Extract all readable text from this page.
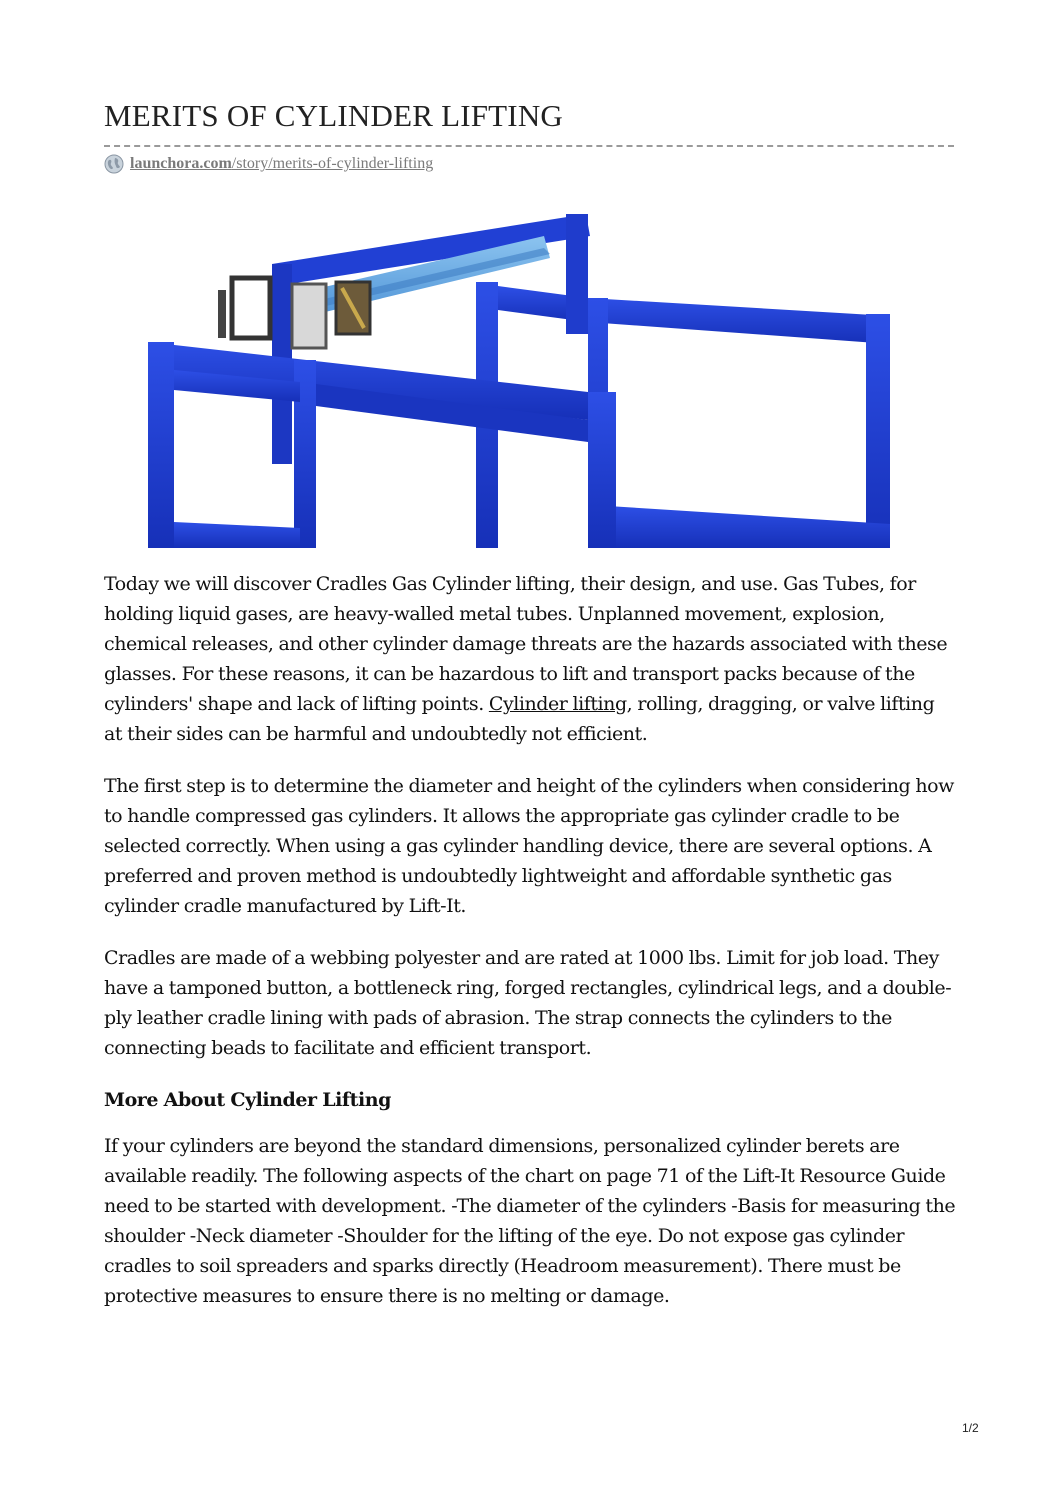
MERITS OF CYLINDER LIFTING
launchora.com/story/merits-of-cylinder-lifting

Today we will discover Cradles Gas Cylinder lifting, their design, and use. Gas Tubes, for holding liquid gases, are heavy-walled metal tubes. Unplanned movement, explosion, chemical releases, and other cylinder damage threats are the hazards associated with these glasses. For these reasons, it can be hazardous to lift and transport packs because of the cylinders' shape and lack of lifting points. Cylinder lifting, rolling, dragging, or valve lifting at their sides can be harmful and undoubtedly not efficient.

The first step is to determine the diameter and height of the cylinders when considering how to handle compressed gas cylinders. It allows the appropriate gas cylinder cradle to be selected correctly. When using a gas cylinder handling device, there are several options. A preferred and proven method is undoubtedly lightweight and affordable synthetic gas cylinder cradle manufactured by Lift-It.

Cradles are made of a webbing polyester and are rated at 1000 lbs. Limit for job load. They have a tamponed button, a bottleneck ring, forged rectangles, cylindrical legs, and a double-ply leather cradle lining with pads of abrasion. The strap connects the cylinders to the connecting beads to facilitate and efficient transport.

More About Cylinder Lifting

If your cylinders are beyond the standard dimensions, personalized cylinder berets are available readily. The following aspects of the chart on page 71 of the Lift-It Resource Guide need to be started with development. -The diameter of the cylinders -Basis for measuring the shoulder -Neck diameter -Shoulder for the lifting of the eye. Do not expose gas cylinder cradles to soil spreaders and sparks directly (Headroom measurement). There must be protective measures to ensure there is no melting or damage.

1/2
